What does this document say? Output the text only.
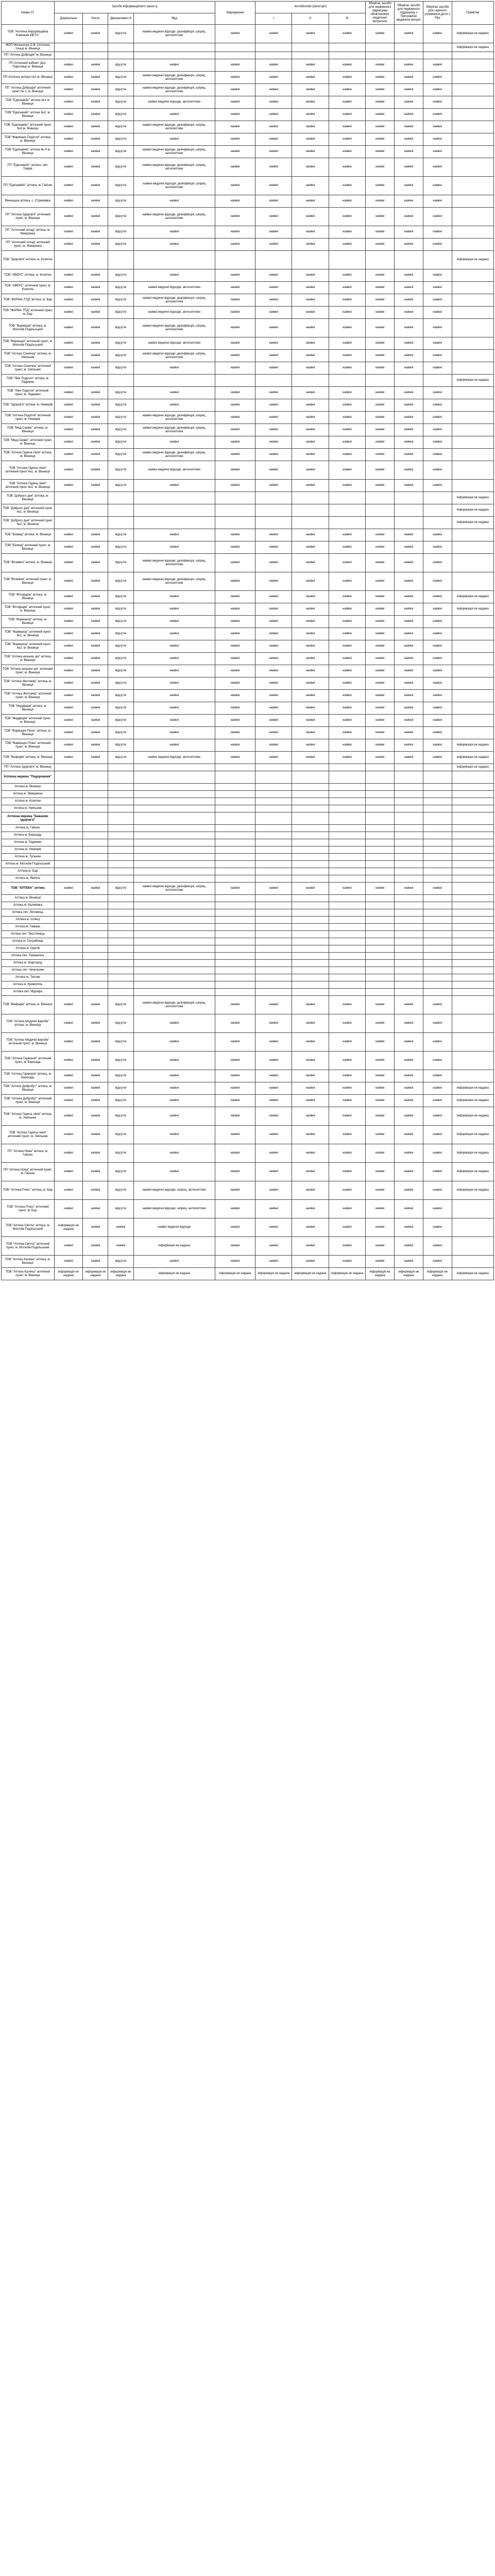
Назва СГ	Засоби інформаційного захисту				Маркування	Антибіотики (категорії)			Зберігає засоби для первинного підрахунку обов'язкових медичних витратних	Зберігає засоби для первинного підрахунку з Програмою медичних витрат	Зберігає засоби для гарячого утримання дієти з Ліку	Примітки
	Дзеркально	Нагло	Декоративно й	Ярд		І	ІІ	ІІІ				
ТОВ "Аптечна Інформаційна Компанія МЕТА"	наявні	наявні	відсутні	наявні медичні відходи, дезінфекція, шприц, антисептики	наявні	наявні	наявні	наявні	наявні	наявні	наявні	Інформація не надана
ФОП Мельничук О.В. (Аптечна точка) м. Вінниця												Інформація не надана
ПП "Аптека Добродія" м. Вінниця												
ПП Аптечний кабінет (вул. Пирогова) м. Вінниця	наявні	наявні	відсутні	наявні	наявні	наявні	наявні	наявні	наявні	наявні	наявні	
ПП Аптечна аптека №1 м. Вінниця	наявні	наявні	відсутні	наявні медичні відходи, дезінфекція, шприц, антисептики	наявні	наявні	наявні	наявні	наявні	наявні	наявні	
ПП "Аптека Добродія" аптечний пункт № 2, м. Вінниця	наявні	наявні	відсутні	наявні медичні відходи, дезінфекція, шприц, антисептики	наявні	наявні	наявні	наявні	наявні	наявні	наявні	
ТОВ "Едельвейс" аптека №1 м. Вінниця	наявні	наявні	відсутні	наявні медичні відходи, антисептики	наявні	наявні	наявні	наявні	наявні	наявні	наявні	
ТОВ "Едельвейс" аптека №2, м. Вінниця	наявні	наявні	відсутні	наявні	наявні	наявні	наявні	наявні	наявні	наявні	наявні	
ТОВ "Едельвейс" аптечний пункт №3 м. Вінниця	наявні	наявні	відсутні	наявні медичні відходи, дезінфекція, шприц, антисептики	наявні	наявні	наявні	наявні	наявні	наявні	наявні	
ТОВ "Фармація Поділля" аптека, м. Вінниця	наявні	наявні	відсутні	наявні	наявні	наявні	наявні	наявні	наявні	наявні	наявні	
ТОВ "Едельвейс" аптека № 4 м. Вінниця	наявні	наявні	відсутні	наявні медичні відходи, дезінфекція, шприц, антисептики	наявні	наявні	наявні	наявні	наявні	наявні	наявні	
ПП "Едельвейс" аптека, смт. Тиврів	наявні	наявні	відсутні	наявні медичні відходи, дезінфекція, шприц, антисептики	наявні	наявні	наявні	наявні	наявні	наявні	наявні	
ПП "Едельвейс" аптека, м. Гайсин	наявні	наявні	відсутні	наявні медичні відходи, дезінфекція, шприц антисептики	наявні	наявні	наявні	наявні	наявні	наявні	наявні	
Вінницька аптека, с. Стрижавка	наявні	наявні	відсутні	наявні	наявні	наявні	наявні	наявні	наявні	наявні	наявні	
ПП "Аптека-Здоров'я" аптечний пункт, м. Вінниця	наявні	наявні	відсутні	наявні медичні відходи, дезінфекція, шприц, антисептики	наявні	наявні	наявні	наявні	наявні	наявні	наявні	
ПП "Аптечний склад" аптека, м. Жмеринка	наявні	наявні	відсутні	наявні	наявні	наявні	наявні	наявні	наявні	наявні	наявні	
ПП "Аптечний склад" аптечний пункт, м. Жмеринка	наявні	наявні	відсутні	наявні	наявні	наявні	наявні	наявні	наявні	наявні	наявні	
ТОВ "Здоров'я" аптека, м. Козятин												Інформація не надана
ТОВ "АВЕРС" аптека, м. Козятин	наявні	наявні	відсутні	наявні	наявні	наявні	наявні	наявні	наявні	наявні	наявні	
ТОВ "АВЕРС" аптечний пункт, м. Козятин	наявні	наявні	відсутні	наявні медичні відходи, антисептики	наявні	наявні	наявні	наявні	наявні	наявні	наявні	
ТОВ "ФАРМА ЛТД" аптека, м. Бар	наявні	наявні	відсутні	наявні медичні відходи, дезінфекція, шприц, антисептики	наявні	наявні	наявні	наявні	наявні	наявні	наявні	
ТОВ "ФАРМА ЛТД" аптечний пункт, м. Бар	наявні	наявні	відсутні	наявні медичні відходи, антисептики	наявні	наявні	наявні	наявні	наявні	наявні	наявні	
ТОВ "Фармація" аптека, м. Могилів-Подільський	наявні	наявні	відсутні	наявні медичні відходи, дезінфекція, шприц, антисептики	наявні	наявні	наявні	наявні	наявні	наявні	наявні	
ТОВ "Фармація" аптечний пункт, м. Могилів-Подільський	наявні	наявні	відсутні	наявні медичні відходи, антисептики	наявні	наявні	наявні	наявні	наявні	наявні	наявні	
ТОВ "Аптека Сонячна" аптека, м. Хмільник	наявні	наявні	відсутні	наявні медичні відходи, дезінфекція, шприц, антисептики	наявні	наявні	наявні	наявні	наявні	наявні	наявні	
ТОВ "Аптека Сонячна" аптечний пункт, м. Хмільник	наявні	наявні	відсутні	наявні	наявні	наявні	наявні	наявні	наявні	наявні	наявні	
ТОВ "Ліки Поділля" аптека, м. Ладижин												Інформація не надана
ТОВ "Ліки Поділля" аптечний пункт, м. Ладижин	наявні	наявні	відсутні	наявні	наявні	наявні	наявні	наявні	наявні	наявні	наявні	
ТОВ "Здоров'я" аптека, м. Немирів	наявні	наявні	відсутні	наявні	наявні	наявні	наявні	наявні	наявні	наявні	наявні	
ТОВ "Аптека-Поділля" аптечний пункт, м. Немирів	наявні	наявні	відсутні	наявні медичні відходи, дезінфекція, шприц, антисептики	наявні	наявні	наявні	наявні	наявні	наявні	наявні	
ТОВ "Мед-Сервіс" аптека, м. Вінниця	наявні	наявні	відсутні	наявні медичні відходи, дезінфекція, шприц, антисептики	наявні	наявні	наявні	наявні	наявні	наявні	наявні	
ТОВ "Мед-Сервіс" аптечний пункт, м. Вінниця	наявні	наявні	відсутні	наявні	наявні	наявні	наявні	наявні	наявні	наявні	наявні	
ТОВ "Аптека Гаряча лінія" аптека, м. Вінниця	наявні	наявні	відсутні	наявні медичні відходи, дезінфекція, шприц, антисептики	наявні	наявні	наявні	наявні	наявні	наявні	наявні	
ТОВ "Аптека Гаряча лінія" аптечний пункт №1, м. Вінниця	наявні	наявні	відсутні	наявні медичні відходи, антисептики	наявні	наявні	наявні	наявні	наявні	наявні	наявні	
ТОВ "Аптека Гаряча лінія" аптечний пункт №2, м. Вінниця	наявні	наявні	відсутні	наявні	наявні	наявні	наявні	наявні	наявні	наявні	наявні	
ТОВ "Доброго дня" аптека, м. Вінниця												Інформація не надана
ТОВ "Доброго дня" аптечний пункт №1, м. Вінниця												Інформація не надана
ТОВ "Доброго дня" аптечний пункт №2, м. Вінниця												Інформація не надана
ТОВ "Біомед" аптека, м. Вінниця	наявні	наявні	відсутні	наявні	наявні	наявні	наявні	наявні	наявні	наявні	наявні	
ТОВ "Біомед" аптечний пункт, м. Вінниця	наявні	наявні	відсутні	наявні	наявні	наявні	наявні	наявні	наявні	наявні	наявні	
ТОВ "Вітаміни" аптека, м. Вінниця	наявні	наявні	відсутні	наявні медичні відходи, дезінфекція, шприц, антисептики	наявні	наявні	наявні	наявні	наявні	наявні	наявні	
ТОВ "Вітаміни" аптечний пункт, м. Вінниця	наявні	наявні	відсутні	наявні медичні відходи, дезінфекція, шприц, антисептики	наявні	наявні	наявні	наявні	наявні	наявні	наявні	
ТОВ "Фітофарм" аптека, м. Вінниця	наявні	наявні	відсутні	наявні	наявні	наявні	наявні	наявні	наявні	наявні	наявні	Інформація не надана
ТОВ "Фітофарм" аптечний пункт, м. Вінниця	наявні	наявні	відсутні	наявні	наявні	наявні	наявні	наявні	наявні	наявні	наявні	Інформація не надана
ТОВ "Фармакор" аптека, м. Вінниця	наявні	наявні	відсутні	наявні	наявні	наявні	наявні	наявні	наявні	наявні	наявні	
ТОВ "Фармакор" аптечний пункт №1, м. Вінниця	наявні	наявні	відсутні	наявні	наявні	наявні	наявні	наявні	наявні	наявні	наявні	
ТОВ "Фармакор" аптечний пункт №2, м. Вінниця	наявні	наявні	відсутні	наявні	наявні	наявні	наявні	наявні	наявні	наявні	наявні	
ТОВ "Аптека низьких цін" аптека, м. Вінниця	наявні	наявні	відсутні	наявні	наявні	наявні	наявні	наявні	наявні	наявні	наявні	
ТОВ "Аптека низьких цін" аптечний пункт, м. Вінниця	наявні	наявні	відсутні	наявні	наявні	наявні	наявні	наявні	наявні	наявні	наявні	
ТОВ "Аптека Житомир" аптека, м. Вінниця	наявні	наявні	відсутні	наявні	наявні	наявні	наявні	наявні	наявні	наявні	наявні	
ТОВ "Аптека Житомир" аптечний пункт, м. Вінниця	наявні	наявні	відсутні	наявні	наявні	наявні	наявні	наявні	наявні	наявні	наявні	
ТОВ "Медфарм" аптека, м. Вінниця	наявні	наявні	відсутні	наявні	наявні	наявні	наявні	наявні	наявні	наявні	наявні	
ТОВ "Медфарм" аптечний пункт, м. Вінниця	наявні	наявні	відсутні	наявні	наявні	наявні	наявні	наявні	наявні	наявні	наявні	
ТОВ "Фармація-Плюс" аптека, м. Вінниця	наявні	наявні	відсутні	наявні	наявні	наявні	наявні	наявні	наявні	наявні	наявні	
ТОВ "Фармація-Плюс" аптечний пункт, м. Вінниця	наявні	наявні	відсутні	наявні	наявні	наявні	наявні	наявні	наявні	наявні	наявні	Інформація не надана
ТОВ "Вінфарм" аптека, м. Вінниця	наявні	наявні	відсутні	наявні медичні відходи, антисептики	наявні	наявні	наявні	наявні	наявні	наявні	наявні	Інформація не надана
ПП "Аптека-Здоров'я" м. Вінниця												Інформація не надана
Аптечна мережа "Подорожник"												
Аптека м. Вінниця												
Аптека м. Жмеринка												
Аптека м. Козятин												
Аптека м. Хмільник												
Аптечна мережа "Бажаємо здоров'я"												
Аптека м. Гайсин												
Аптека м. Бершадь												
Аптека м. Ладижин												
Аптека м. Немирів												
Аптека м. Тульчин												
Аптека м. Могилів-Подільський												
Аптека м. Бар												
Аптека м. Ямпіль												
ТОВ "АПТЕКА" аптека	наявні	наявні	відсутні	наявні медичні відходи, дезінфекція, шприц, антисептики	наявні	наявні	наявні	наявні	наявні	наявні	наявні	
Аптека м. Вінниця												
Аптека м. Калинівка												
Аптека смт. Липовець												
Аптека м. Іллінці												
Аптека м. Гнівань												
Аптека смт. Тростянець												
Аптека м. Погребище												
Аптека м. Оратів												
Аптека смт. Томашпіль												
Аптека м. Шаргород												
Аптека смт. Чечельник												
Аптека м. Теплик												
Аптека м. Крижопіль												
Аптека смт. Мурафа												
ТОВ "Вінфарм" аптека, м. Вінниця	наявні	наявні	відсутні	наявні медичні відходи, дезінфекція, шприц, антисептики	наявні	наявні	наявні	наявні	наявні	наявні	наявні	
ТОВ "Аптека Медичні вироби" аптека, м. Вінниця	наявні	наявні	відсутні	наявні	наявні	наявні	наявні	наявні	наявні	наявні	наявні	
ТОВ "Аптека Медичні вироби" аптечний пункт, м. Вінниця	наявні	наявні	відсутні	наявні	наявні	наявні	наявні	наявні	наявні	наявні	наявні	
ТОВ "Аптека Гармонія" аптечний пункт, м. Бершадь	наявні	наявні	відсутні	наявні	наявні	наявні	наявні	наявні	наявні	наявні	наявні	
ТОВ "Аптека Гармонія" аптека, м. Бершадь	наявні	наявні	відсутні	наявні	наявні	наявні	наявні	наявні	наявні	наявні	наявні	
ТОВ "Аптека Добробут" аптека, м. Вінниця	наявні	наявні	відсутні	наявні	наявні	наявні	наявні	наявні	наявні	наявні	наявні	Інформація не надана
ТОВ "Аптека Добробут" аптечний пункт, м. Вінниця	наявні	наявні	відсутні	наявні	наявні	наявні	наявні	наявні	наявні	наявні	наявні	Інформація не надана
ТОВ "Аптека Гаряча лінія" аптека, м. Хмільник	наявні	наявні	відсутні	наявні	наявні	наявні	наявні	наявні	наявні	наявні	наявні	Інформація не надана
ТОВ "Аптека Гаряча лінія" аптечний пункт, м. Хмільник	наявні	наявні	відсутні	наявні	наявні	наявні	наявні	наявні	наявні	наявні	наявні	Інформація не надана
ПП "Аптека Нова" аптека, м. Гайсин	наявні	наявні	відсутні	наявні	наявні	наявні	наявні	наявні	наявні	наявні	наявні	Інформація не надана
ПП "Аптека Нова" аптечний пункт, м. Гайсин	наявні	наявні	відсутні	наявні	наявні	наявні	наявні	наявні	наявні	наявні	наявні	Інформація не надана
ТОВ "Аптека-Плюс" аптека, м. Бар	наявні	наявні	відсутні	наявні медичні відходи, шприц, антисептики	наявні	наявні	наявні	наявні	наявні	наявні	наявні	Інформація не надана
ТОВ "Аптека-Плюс" аптечний пункт, м. Бар	наявні	наявні	відсутні	наявні медичні відходи, шприц, антисептики	наявні	наявні	наявні	наявні	наявні	наявні	наявні	
ТОВ "Аптека Світла" аптека, м. Могилів-Подільський	інформація не надана	наявні	наявні	наявні медичні відходи	наявні	наявні	наявні	наявні	наявні	наявні	наявні	
ТОВ "Аптека Світла" аптечний пункт, м. Могилів-Подільський	наявні	наявні	наявні	інформація не надана	наявні	наявні	наявні	наявні	наявні	наявні	наявні	
ТОВ "Аптека Калина" аптека, м. Вінниця	наявні	наявні	відсутні	наявні	наявні	наявні	наявні	наявні	наявні	наявні	наявні	
ТОВ "Аптека Калина" аптечний пункт, м. Вінниця	інформація не надана	інформація не надана	інформація не надана	інформація не надана	інформація не надана	інформація не надана	інформація не надана	інформація не надана	інформація не надана	інформація не надана	інформація не надана	Інформація не надана
